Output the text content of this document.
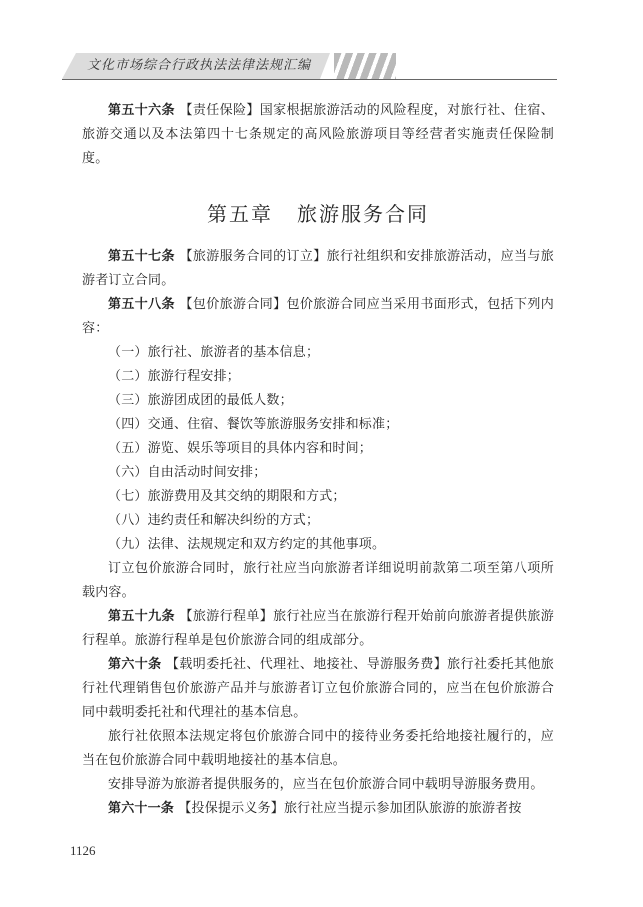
文化市场综合行政执法法律法规汇编

第五十六条 【责任保险】国家根据旅游活动的风险程度，对旅行社、住宿、旅游交通以及本法第四十七条规定的高风险旅游项目等经营者实施责任保险制度。

第五章 旅游服务合同

第五十七条 【旅游服务合同的订立】旅行社组织和安排旅游活动，应当与旅游者订立合同。

第五十八条 【包价旅游合同】包价旅游合同应当采用书面形式，包括下列内容：

（一）旅行社、旅游者的基本信息；

（二）旅游行程安排；

（三）旅游团成团的最低人数；

（四）交通、住宿、餐饮等旅游服务安排和标准；

（五）游览、娱乐等项目的具体内容和时间；

（六）自由活动时间安排；

（七）旅游费用及其交纳的期限和方式；

（八）违约责任和解决纠纷的方式；

（九）法律、法规规定和双方约定的其他事项。

订立包价旅游合同时，旅行社应当向旅游者详细说明前款第二项至第八项所载内容。

第五十九条 【旅游行程单】旅行社应当在旅游行程开始前向旅游者提供旅游行程单。旅游行程单是包价旅游合同的组成部分。

第六十条 【载明委托社、代理社、地接社、导游服务费】旅行社委托其他旅行社代理销售包价旅游产品并与旅游者订立包价旅游合同的，应当在包价旅游合同中载明委托社和代理社的基本信息。

旅行社依照本法规定将包价旅游合同中的接待业务委托给地接社履行的，应当在包价旅游合同中载明地接社的基本信息。

安排导游为旅游者提供服务的，应当在包价旅游合同中载明导游服务费用。

第六十一条 【投保提示义务】旅行社应当提示参加团队旅游的旅游者按

1126
